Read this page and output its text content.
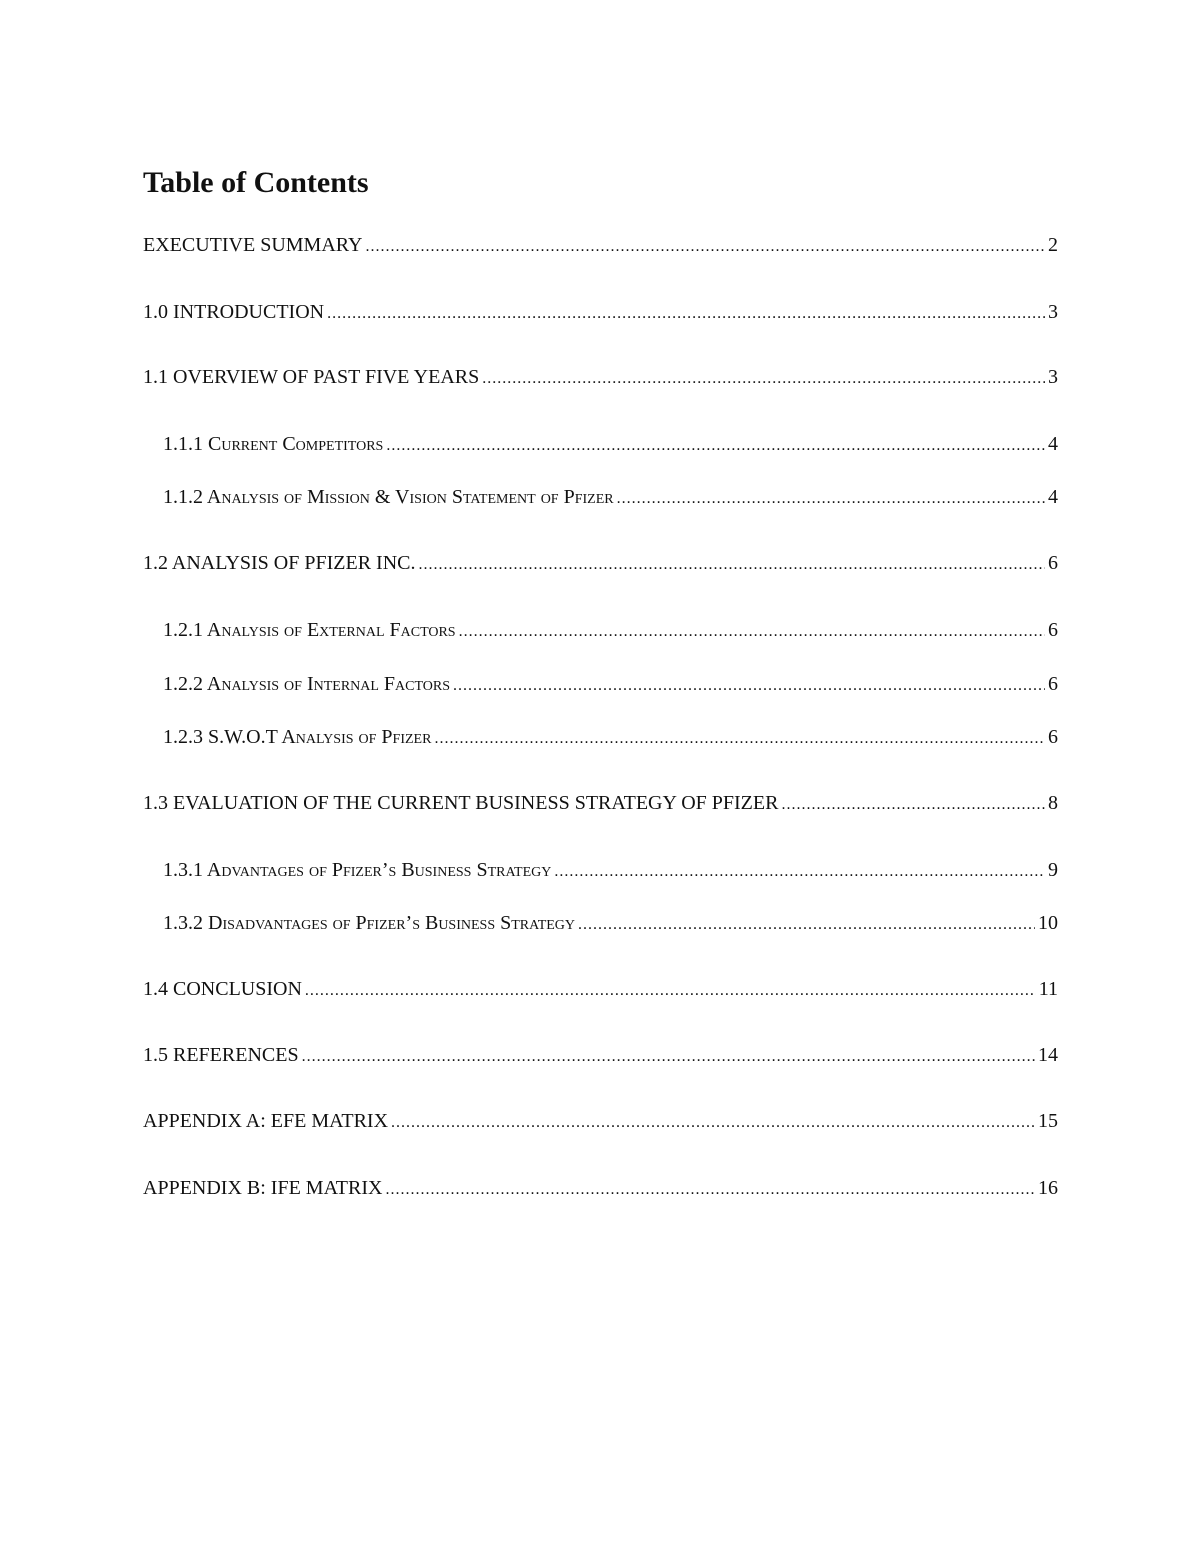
Table of Contents
EXECUTIVE SUMMARY .....	2
1.0 INTRODUCTION .....	3
1.1 OVERVIEW OF PAST FIVE YEARS .....	3
1.1.1 Current Competitors .....	4
1.1.2 Analysis of Mission & Vision Statement of Pfizer .....	4
1.2 ANALYSIS OF PFIZER INC. .....	6
1.2.1 Analysis of External Factors .....	6
1.2.2 Analysis of Internal Factors .....	6
1.2.3 S.W.O.T Analysis of Pfizer .....	6
1.3 EVALUATION OF THE CURRENT BUSINESS STRATEGY OF PFIZER .....	8
1.3.1 Advantages of Pfizer’s Business Strategy .....	9
1.3.2 Disadvantages of Pfizer’s Business Strategy .....	10
1.4 CONCLUSION .....	11
1.5 REFERENCES .....	14
APPENDIX A: EFE MATRIX .....	15
APPENDIX B: IFE MATRIX .....	16
